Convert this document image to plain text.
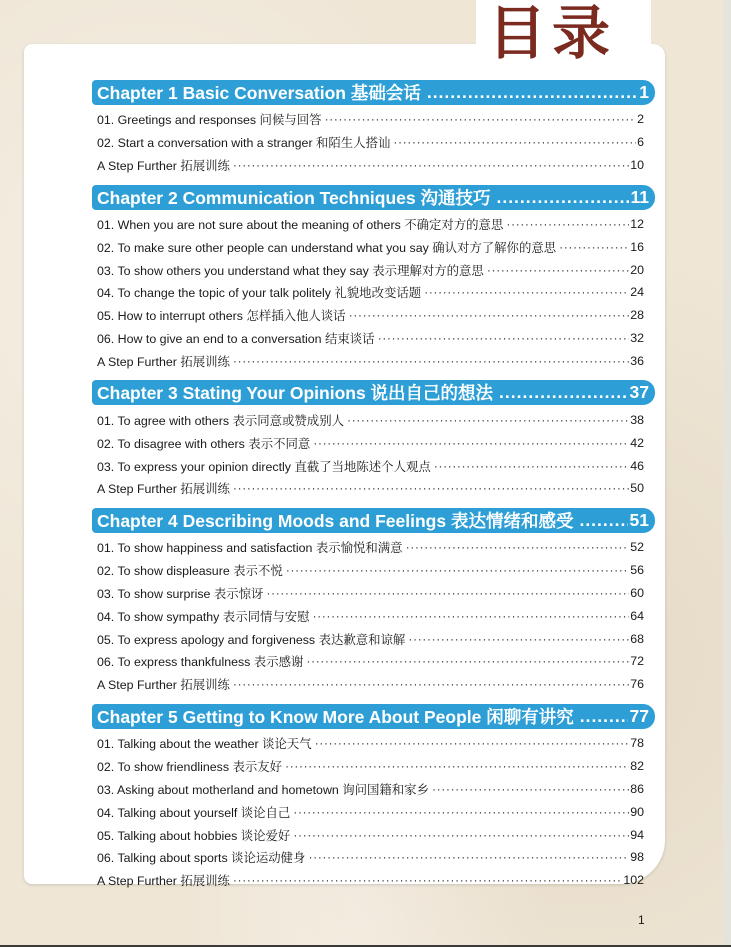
目录
Chapter 1 Basic Conversation 基础会话 .....	1
01. Greetings and responses 问候与回答 ·····	2
02. Start a conversation with a stranger 和陌生人搭讪 ·····	6
A Step Further 拓展训练 ·····	10
Chapter 2 Communication Techniques 沟通技巧 .....	11
01. When you are not sure about the meaning of others 不确定对方的意思 ·····	12
02. To make sure other people can understand what you say 确认对方了解你的意思 ·····	16
03. To show others you understand what they say 表示理解对方的意思 ·····	20
04. To change the topic of your talk politely 礼貌地改变话题 ·····	24
05. How to interrupt others 怎样插入他人谈话 ·····	28
06. How to give an end to a conversation 结束谈话 ·····	32
A Step Further 拓展训练 ·····	36
Chapter 3 Stating Your Opinions 说出自己的想法 .....	37
01. To agree with others 表示同意或赞成别人 ·····	38
02. To disagree with others 表示不同意 ·····	42
03. To express your opinion directly 直截了当地陈述个人观点 ·····	46
A Step Further 拓展训练 ·····	50
Chapter 4 Describing Moods and Feelings 表达情绪和感受 .....	51
01. To show happiness and satisfaction 表示愉悦和满意 ·····	52
02. To show displeasure 表示不悦 ·····	56
03. To show surprise 表示惊讶 ·····	60
04. To show sympathy 表示同情与安慰 ·····	64
05. To express apology and forgiveness 表达歉意和谅解 ·····	68
06. To express thankfulness 表示感谢 ·····	72
A Step Further 拓展训练 ·····	76
Chapter 5 Getting to Know More About People 闲聊有讲究 .....	77
01. Talking about the weather 谈论天气 ·····	78
02. To show friendliness 表示友好 ·····	82
03. Asking about motherland and hometown 询问国籍和家乡 ·····	86
04. Talking about yourself 谈论自己 ·····	90
05. Talking about hobbies 谈论爱好 ·····	94
06. Talking about sports 谈论运动健身 ·····	98
A Step Further 拓展训练 ·····	102
1
